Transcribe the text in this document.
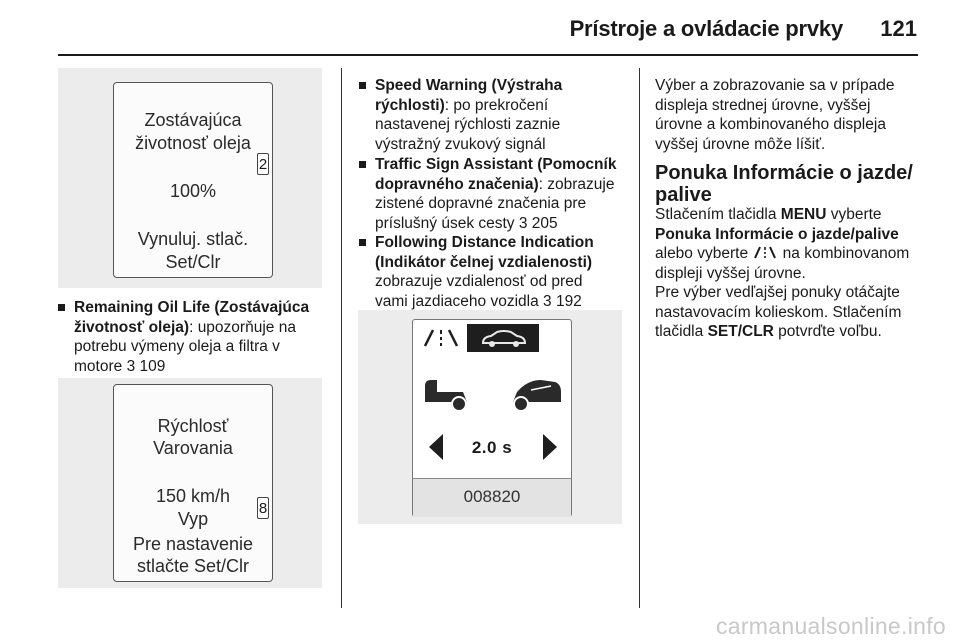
Prístroje a ovládacie prvky 121
Zostávajúca
životnosť oleja
2
100%
Vynuluj. stlač.
Set/Clr
Remaining Oil Life (Zostávajúca
životnosť oleja): upozorňuje na
potrebu výmeny oleja a filtra v
motore 3 109
Rýchlosť
Varovania
150 km/h
Vyp
8
Pre nastavenie
stlačte Set/Clr
Speed Warning (Výstraha
rýchlosti): po prekročení
nastavenej rýchlosti zaznie
výstražný zvukový signál
Traffic Sign Assistant (Pomocník
dopravného značenia): zobrazuje
zistené dopravné značenia pre
príslušný úsek cesty 3 205
Following Distance Indication
(Indikátor čelnej vzdialenosti)
zobrazuje vzdialenosť od pred
vami jazdiaceho vozidla 3 192
2.0 s
008820
Výber a zobrazovanie sa v prípade
displeja strednej úrovne, vyššej
úrovne a kombinovaného displeja
vyššej úrovne môže líšiť.
Ponuka Informácie o jazde/
palive
Stlačením tlačidla MENU vyberte
Ponuka Informácie o jazde/palive
alebo vyberte  na kombinovanom
displeji vyššej úrovne.
Pre výber vedľajšej ponuky otáčajte
nastavovacím kolieskom. Stlačením
tlačidla SET/CLR potvrďte voľbu.
carmanualsonline.info
